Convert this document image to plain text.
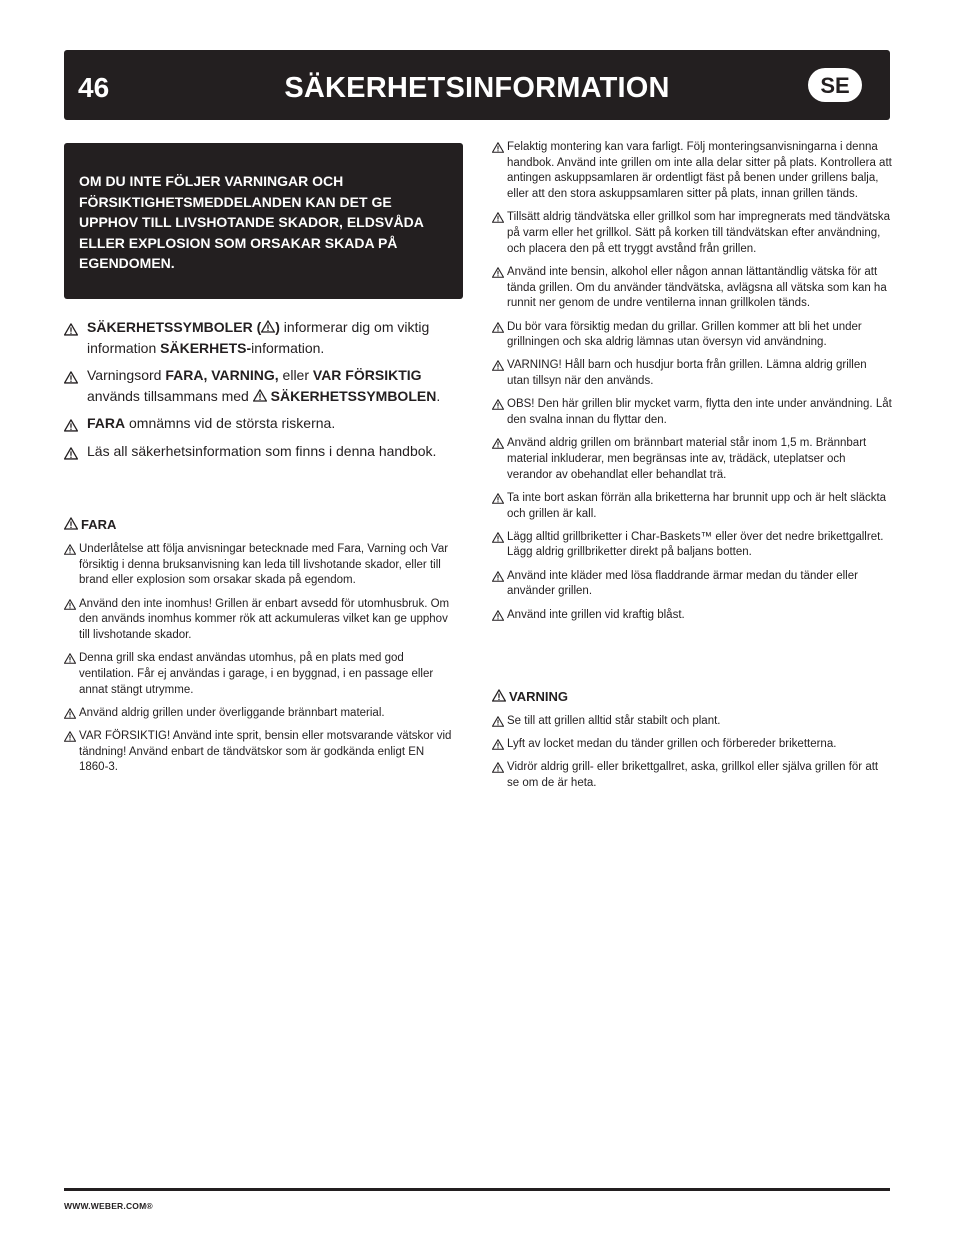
46	SÄKERHETSINFORMATION	SE
OM DU INTE FÖLJER VARNINGAR OCH FÖRSIKTIGHETSMEDDELANDEN KAN DET GE UPPHOV TILL LIVSHOTANDE SKADOR, ELDSVÅDA ELLER EXPLOSION SOM ORSAKAR SKADA PÅ EGENDOMEN.
SÄKERHETSSYMBOLER ( ) informerar dig om viktig information SÄKERHETS-information.
Varningsord FARA, VARNING, eller VAR FÖRSIKTIG används tillsammans med
SÄKERHETSSYMBOLEN.
FARA omnämns vid de största riskerna.
Läs all säkerhetsinformation som finns i denna handbok.
FARA
Underlåtelse att följa anvisningar betecknade med Fara, Varning och Var försiktig i denna bruksanvisning kan leda till livshotande skador, eller till brand eller explosion som orsakar skada på egendom.
Använd den inte inomhus! Grillen är enbart avsedd för utomhusbruk. Om den används inomhus kommer rök att ackumuleras vilket kan ge upphov till livshotande skador.
Denna grill ska endast användas utomhus, på en plats med god ventilation. Får ej användas i garage, i en byggnad, i en passage eller annat stängt utrymme.
Använd aldrig grillen under överliggande brännbart material.
VAR FÖRSIKTIG! Använd inte sprit, bensin eller motsvarande vätskor vid tändning! Använd enbart de tändvätskor som är godkända enligt EN 1860-3.
Felaktig montering kan vara farligt. Följ monteringsanvisningarna i denna handbok. Använd inte grillen om inte alla delar sitter på plats. Kontrollera att antingen askuppsamlaren är ordentligt fäst på benen under grillens balja, eller att den stora askuppsamlaren sitter på plats, innan grillen tänds.
Tillsätt aldrig tändvätska eller grillkol som har impregnerats med tändvätska på varm eller het grillkol. Sätt på korken till tändvätskan efter användning, och placera den på ett tryggt avstånd från grillen.
Använd inte bensin, alkohol eller någon annan lättantändlig vätska för att tända grillen. Om du använder tändvätska, avlägsna all vätska som kan ha runnit ner genom de undre ventilerna innan grillkolen tänds.
Du bör vara försiktig medan du grillar. Grillen kommer att bli het under grillningen och ska aldrig lämnas utan översyn vid användning.
VARNING! Håll barn och husdjur borta från grillen. Lämna aldrig grillen utan tillsyn när den används.
OBS! Den här grillen blir mycket varm, flytta den inte under användning. Låt den svalna innan du flyttar den.
Använd aldrig grillen om brännbart material står inom 1,5 m. Brännbart material inkluderar, men begränsas inte av, trädäck, uteplatser och verandor av obehandlat eller behandlat trä.
Ta inte bort askan förrän alla briketterna har brunnit upp och är helt släckta och grillen är kall.
Lägg alltid grillbriketter i Char-Baskets™ eller över det nedre brikettgallret. Lägg aldrig grillbriketter direkt på baljans botten.
Använd inte kläder med lösa fladdrande ärmar medan du tänder eller använder grillen.
Använd inte grillen vid kraftig blåst.
VARNING
Se till att grillen alltid står stabilt och plant.
Lyft av locket medan du tänder grillen och förbereder briketterna.
Vidrör aldrig grill- eller brikettgallret, aska, grillkol eller själva grillen för att se om de är heta.
WWW.WEBER.COM®
